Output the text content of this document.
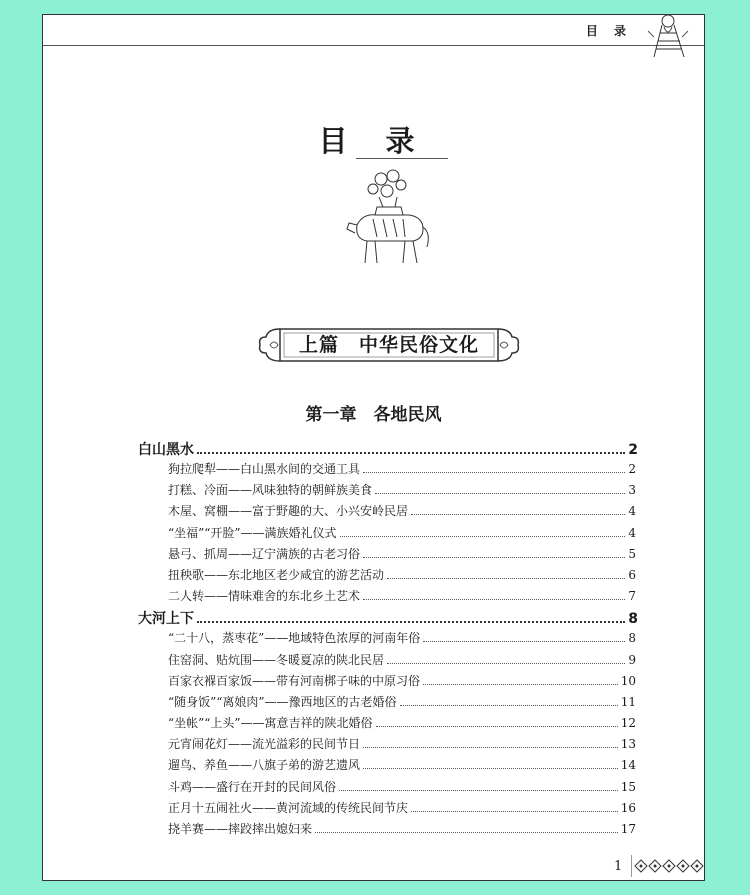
目 录
目 录
上篇　中华民俗文化
第一章　各地民风
白山黑水	2
狗拉爬犁——白山黑水间的交通工具	2
打糕、冷面——风味独特的朝鲜族美食	3
木屋、窝棚——富于野趣的大、小兴安岭民居	4
“坐福”“开脸”——满族婚礼仪式	4
悬弓、抓周——辽宁满族的古老习俗	5
扭秧歌——东北地区老少咸宜的游艺活动	6
二人转——情味难舍的东北乡土艺术	7
大河上下	8
“二十八，蒸枣花”——地域特色浓厚的河南年俗	8
住窑洞、贴炕围——冬暖夏凉的陕北民居	9
百家衣褓百家饭——带有河南梆子味的中原习俗	10
“随身饭”“离娘肉”——豫西地区的古老婚俗	11
“坐帐”“上头”——寓意吉祥的陕北婚俗	12
元宵闹花灯——流光溢彩的民间节日	13
遛鸟、养鱼——八旗子弟的游艺遗风	14
斗鸡——盛行在开封的民间风俗	15
正月十五闹社火——黄河流域的传统民间节庆	16
挠羊赛——摔跤摔出媳妇来	17
1
